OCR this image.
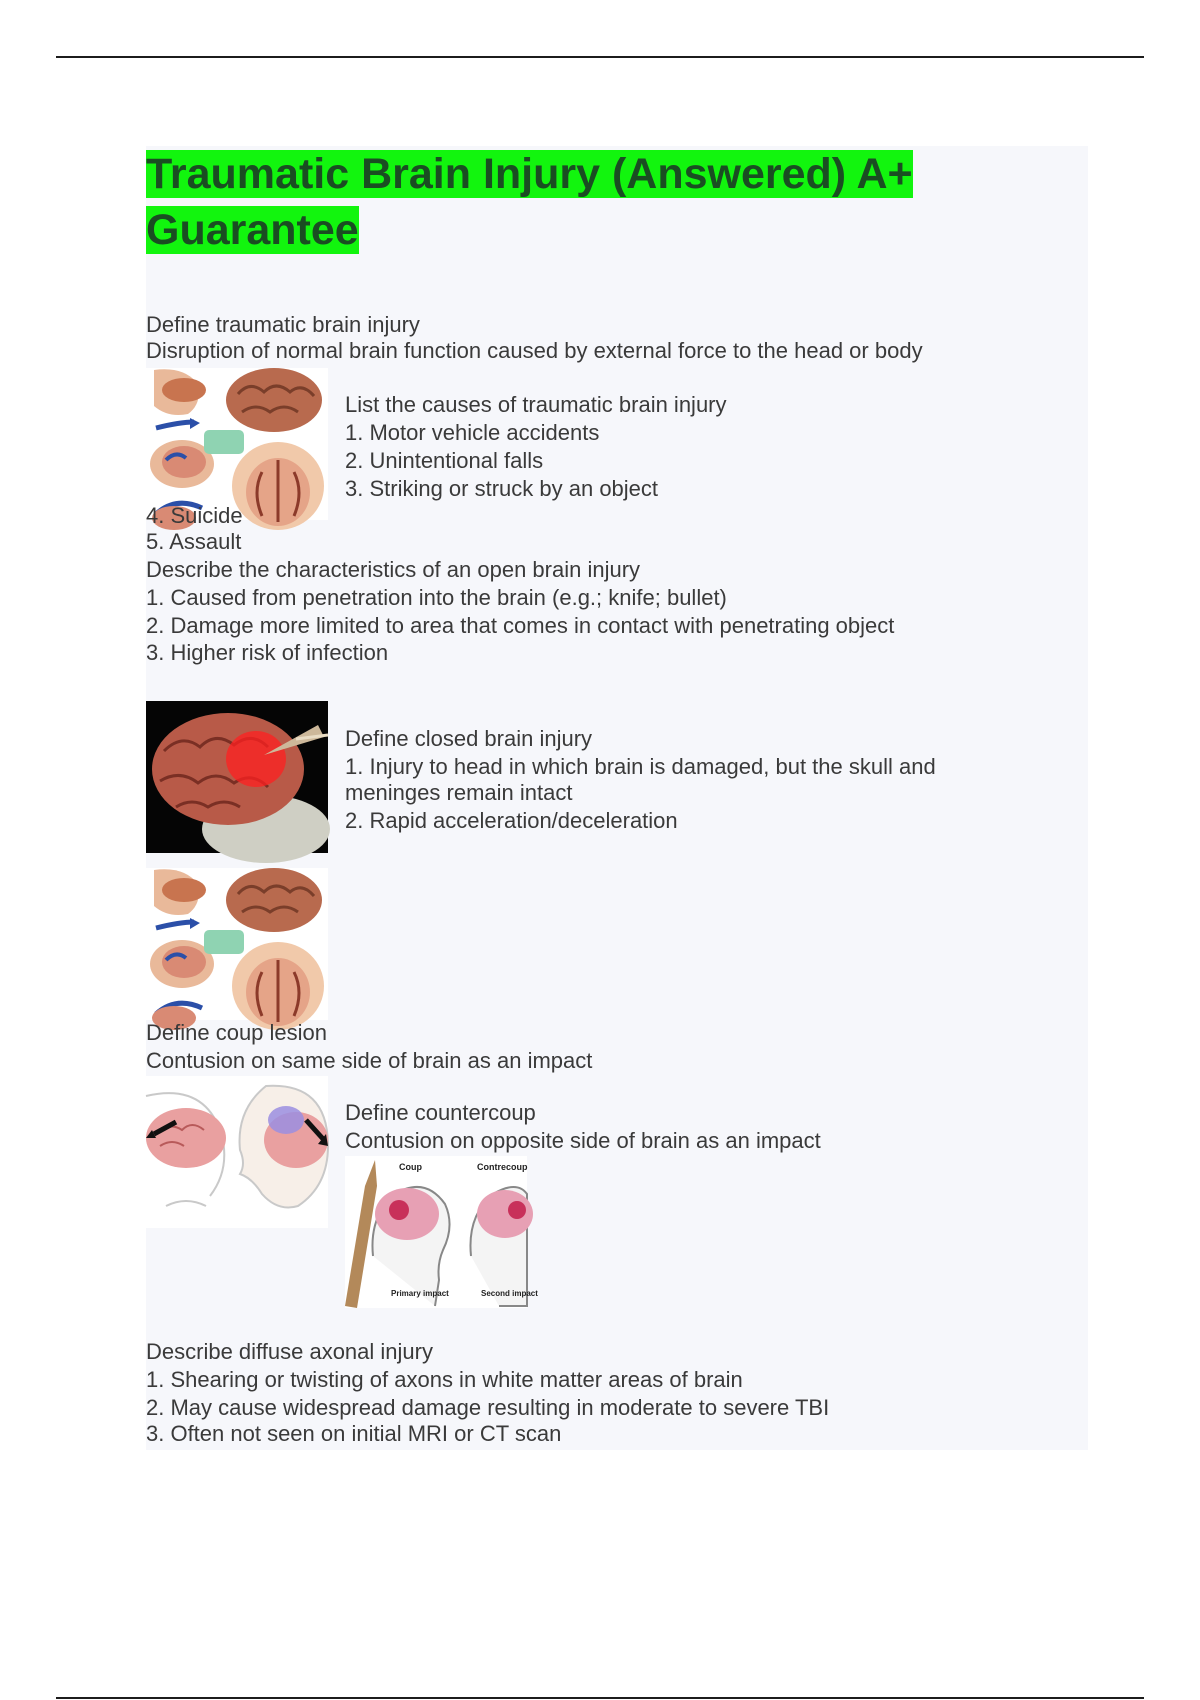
Traumatic Brain Injury (Answered) A+ Guarantee
Define traumatic brain injury
Disruption of normal brain function caused by external force to the head or body
List the causes of traumatic brain injury
1. Motor vehicle accidents
2. Unintentional falls
3. Striking or struck by an object
4. Suicide
5. Assault
Describe the characteristics of an open brain injury
1. Caused from penetration into the brain (e.g.; knife; bullet)
2. Damage more limited to area that comes in contact with penetrating object
3. Higher risk of infection
Define closed brain injury
1. Injury to head in which brain is damaged, but the skull and
meninges remain intact
2. Rapid acceleration/deceleration
Define coup lesion
Contusion on same side of brain as an impact
Define countercoup
Contusion on opposite side of brain as an impact
Coup	Contrecoup
Primary impact	Second impact
Describe diffuse axonal injury
1. Shearing or twisting of axons in white matter areas of brain
2. May cause widespread damage resulting in moderate to severe TBI
3. Often not seen on initial MRI or CT scan
